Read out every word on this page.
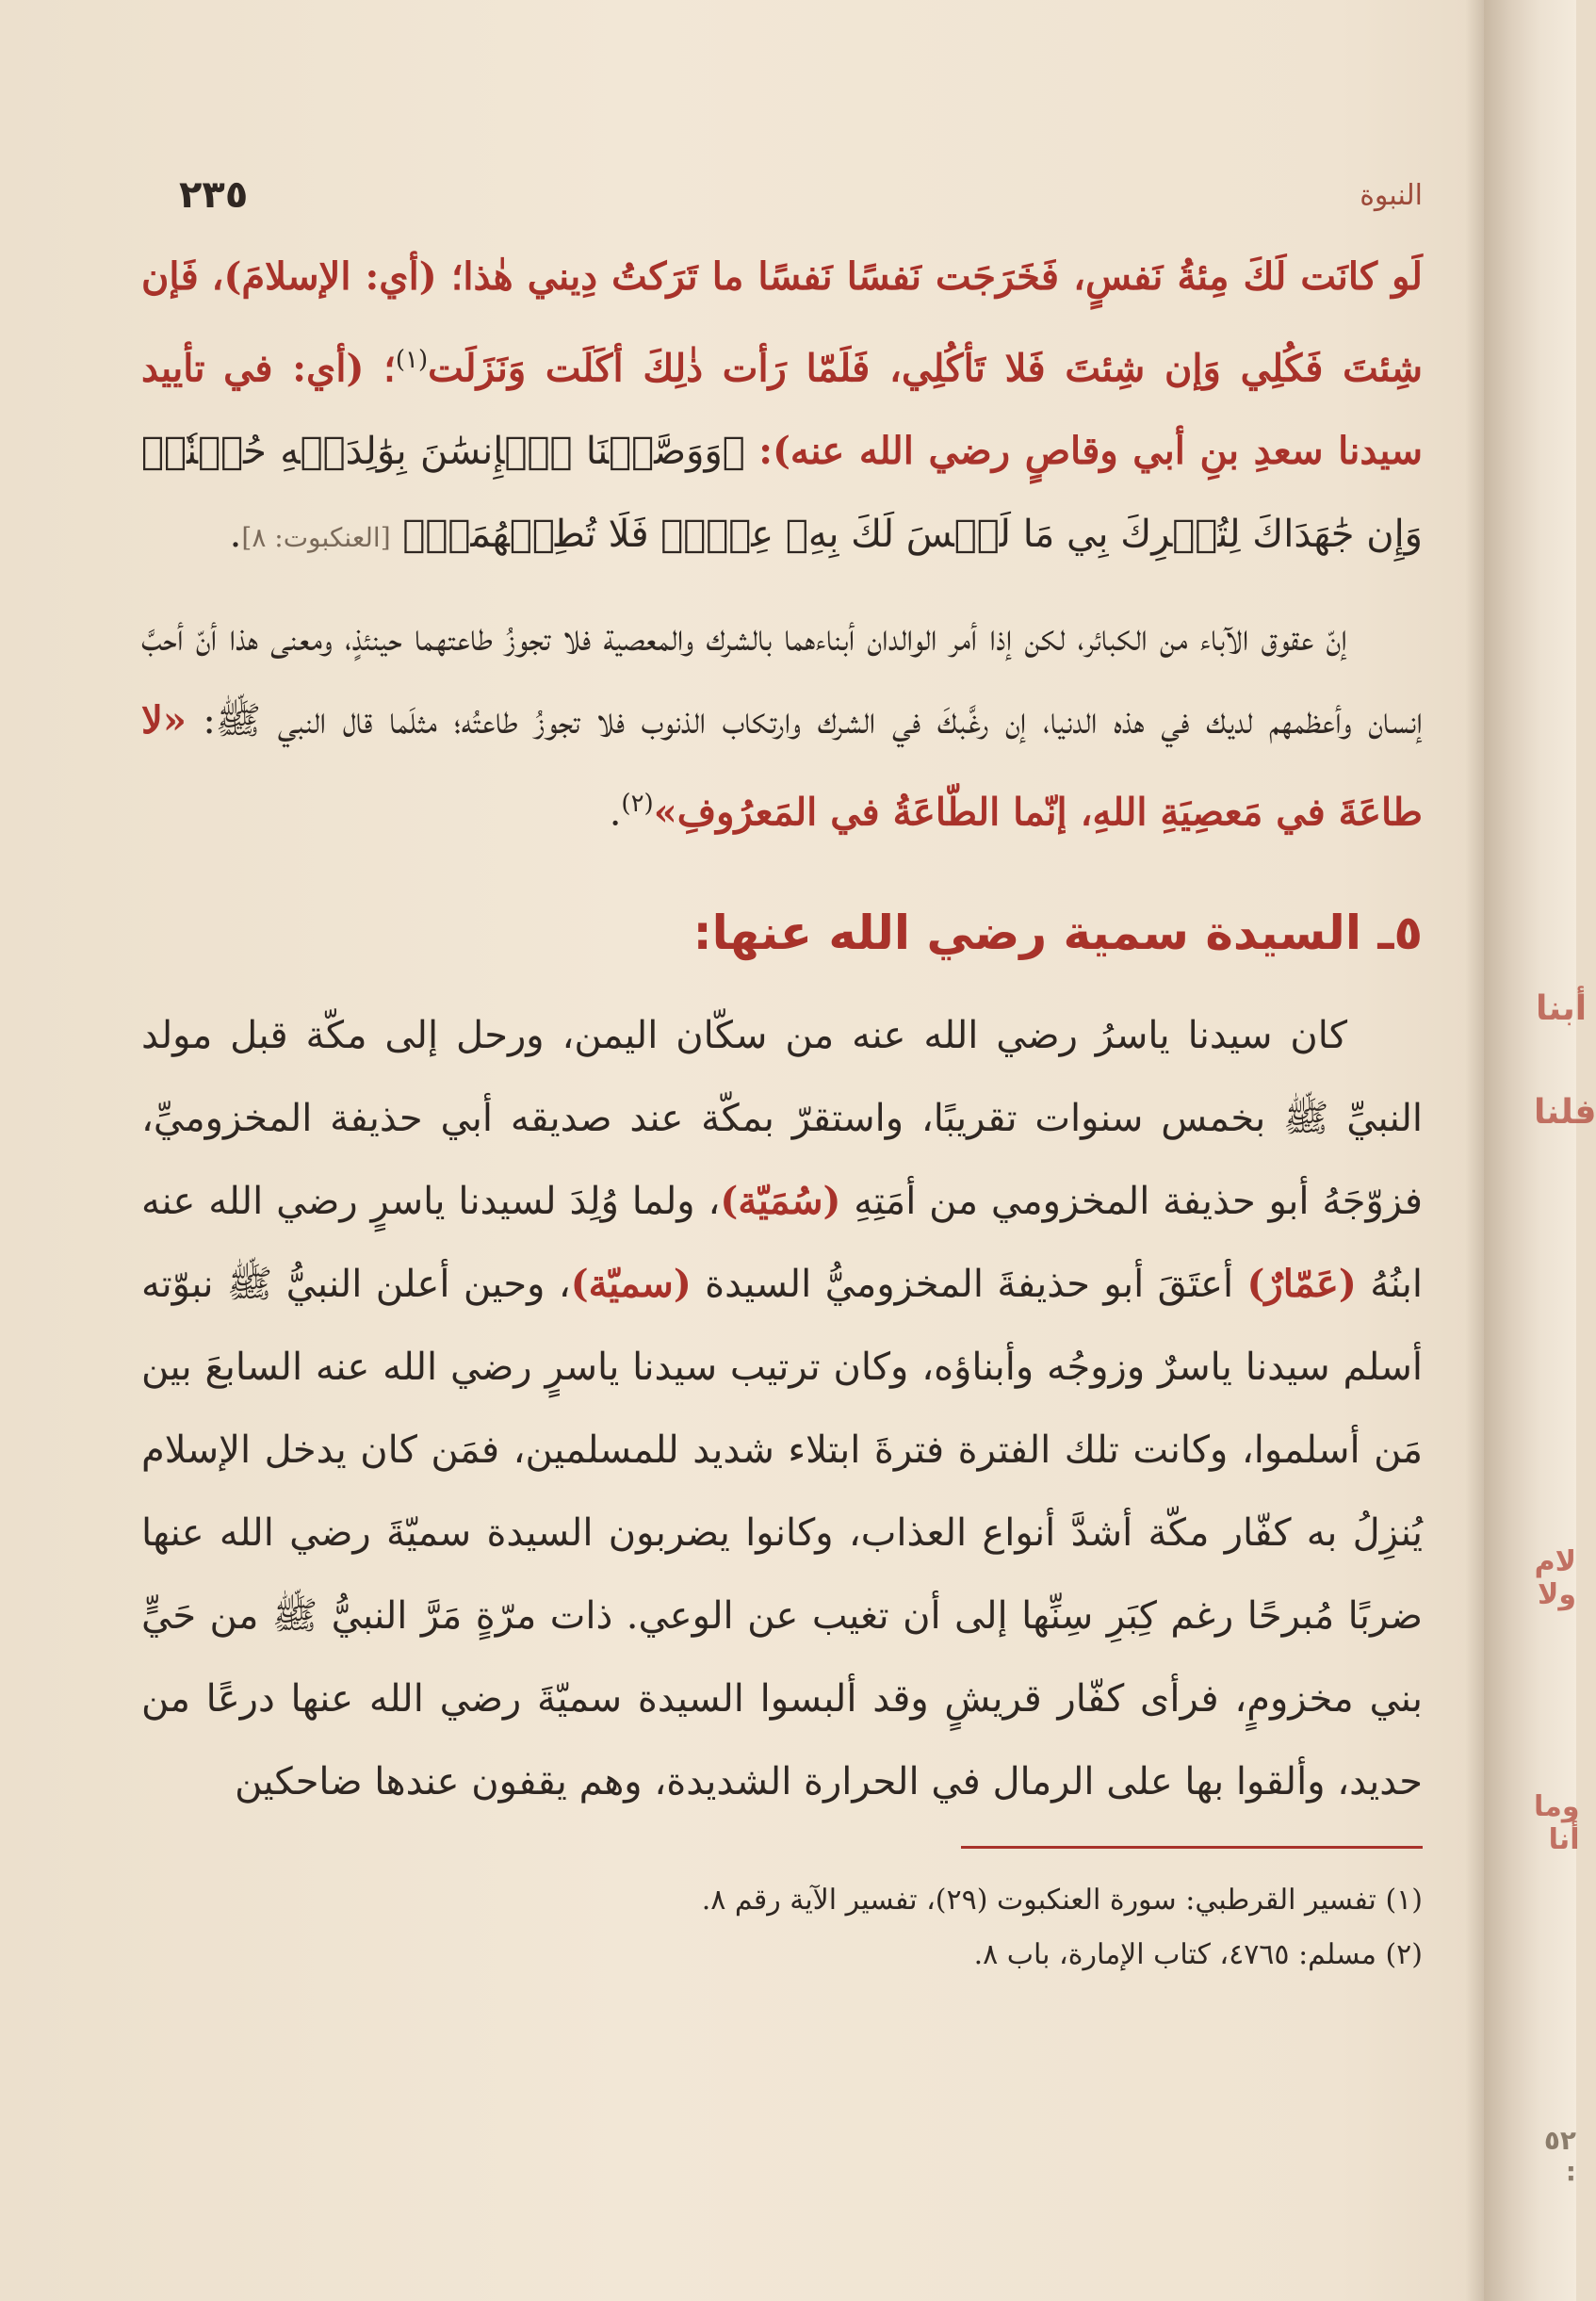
أبنا
فلنا
لام ولا
وما أنا
٥٢ :
النبوة
٢٣٥

لَو كانَت لَكَ مِئةُ نَفسٍ، فَخَرَجَت نَفسًا نَفسًا ما تَرَكتُ دِيني هٰذا؛ (أي: الإسلامَ)، فَإن شِئتَ فَكُلِي وَإن شِئتَ فَلا تَأكُلِي، فَلَمّا رَأت ذٰلِكَ أكَلَت وَنَزَلَت$^{(١)}$؛ (أي: في تأييد سيدنا سعدِ بنِ أبي وقاصٍ رضي الله عنه): ﴿وَوَصَّيۡنَا ٱلۡإِنسَٰنَ بِوَٰلِدَيۡهِ حُسۡنٗاۖ وَإِن جَٰهَدَاكَ لِتُشۡرِكَ بِي مَا لَيۡسَ لَكَ بِهِۦ عِلۡمٞ فَلَا تُطِعۡهُمَآۚ﴾ [العنكبوت: ٨].

إنّ عقوق الآباء من الكبائر، لكن إذا أمر الوالدان أبناءهما بالشرك والمعصية فلا تجوزُ طاعتهما حينئذٍ، ومعنى هذا أنّ أحبَّ إنسان وأعظمهم لديك في هذه الدنيا، إن رغَّبكَ في الشرك وارتكاب الذنوب فلا تجوزُ طاعتُه؛ مثلَما قال النبي ﷺ: «لا طاعَةَ في مَعصِيَةِ اللهِ، إنّما الطّاعَةُ في المَعرُوفِ»$^{(٢)}$.

٥ـ السيدة سمية رضي الله عنها:

كان سيدنا ياسرُ رضي الله عنه من سكّان اليمن، ورحل إلى مكّة قبل مولد النبيِّ ﷺ بخمس سنوات تقريبًا، واستقرّ بمكّة عند صديقه أبي حذيفة المخزوميِّ، فزوّجَهُ أبو حذيفة المخزومي من أمَتِهِ (سُمَيّة)، ولما وُلِدَ لسيدنا ياسرٍ رضي الله عنه ابنُهُ (عَمّارٌ) أعتَقَ أبو حذيفةَ المخزوميُّ السيدة (سميّة)، وحين أعلن النبيُّ ﷺ نبوّته أسلم سيدنا ياسرٌ وزوجُه وأبناؤه، وكان ترتيب سيدنا ياسرٍ رضي الله عنه السابعَ بين مَن أسلموا، وكانت تلك الفترة فترةَ ابتلاء شديد للمسلمين، فمَن كان يدخل الإسلام يُنزِلُ به كفّار مكّة أشدَّ أنواع العذاب، وكانوا يضربون السيدة سميّةَ رضي الله عنها ضربًا مُبرحًا رغم كِبَرِ سِنِّها إلى أن تغيب عن الوعي. ذات مرّةٍ مَرَّ النبيُّ ﷺ من حَيٍّ بني مخزومٍ، فرأى كفّار قريشٍ وقد ألبسوا السيدة سميّةَ رضي الله عنها درعًا من حديد، وألقوا بها على الرمال في الحرارة الشديدة، وهم يقفون عندها ضاحكين

(١) تفسير القرطبي: سورة العنكبوت (٢٩)، تفسير الآية رقم ٨.

(٢) مسلم: ٤٧٦٥، كتاب الإمارة، باب ٨.
